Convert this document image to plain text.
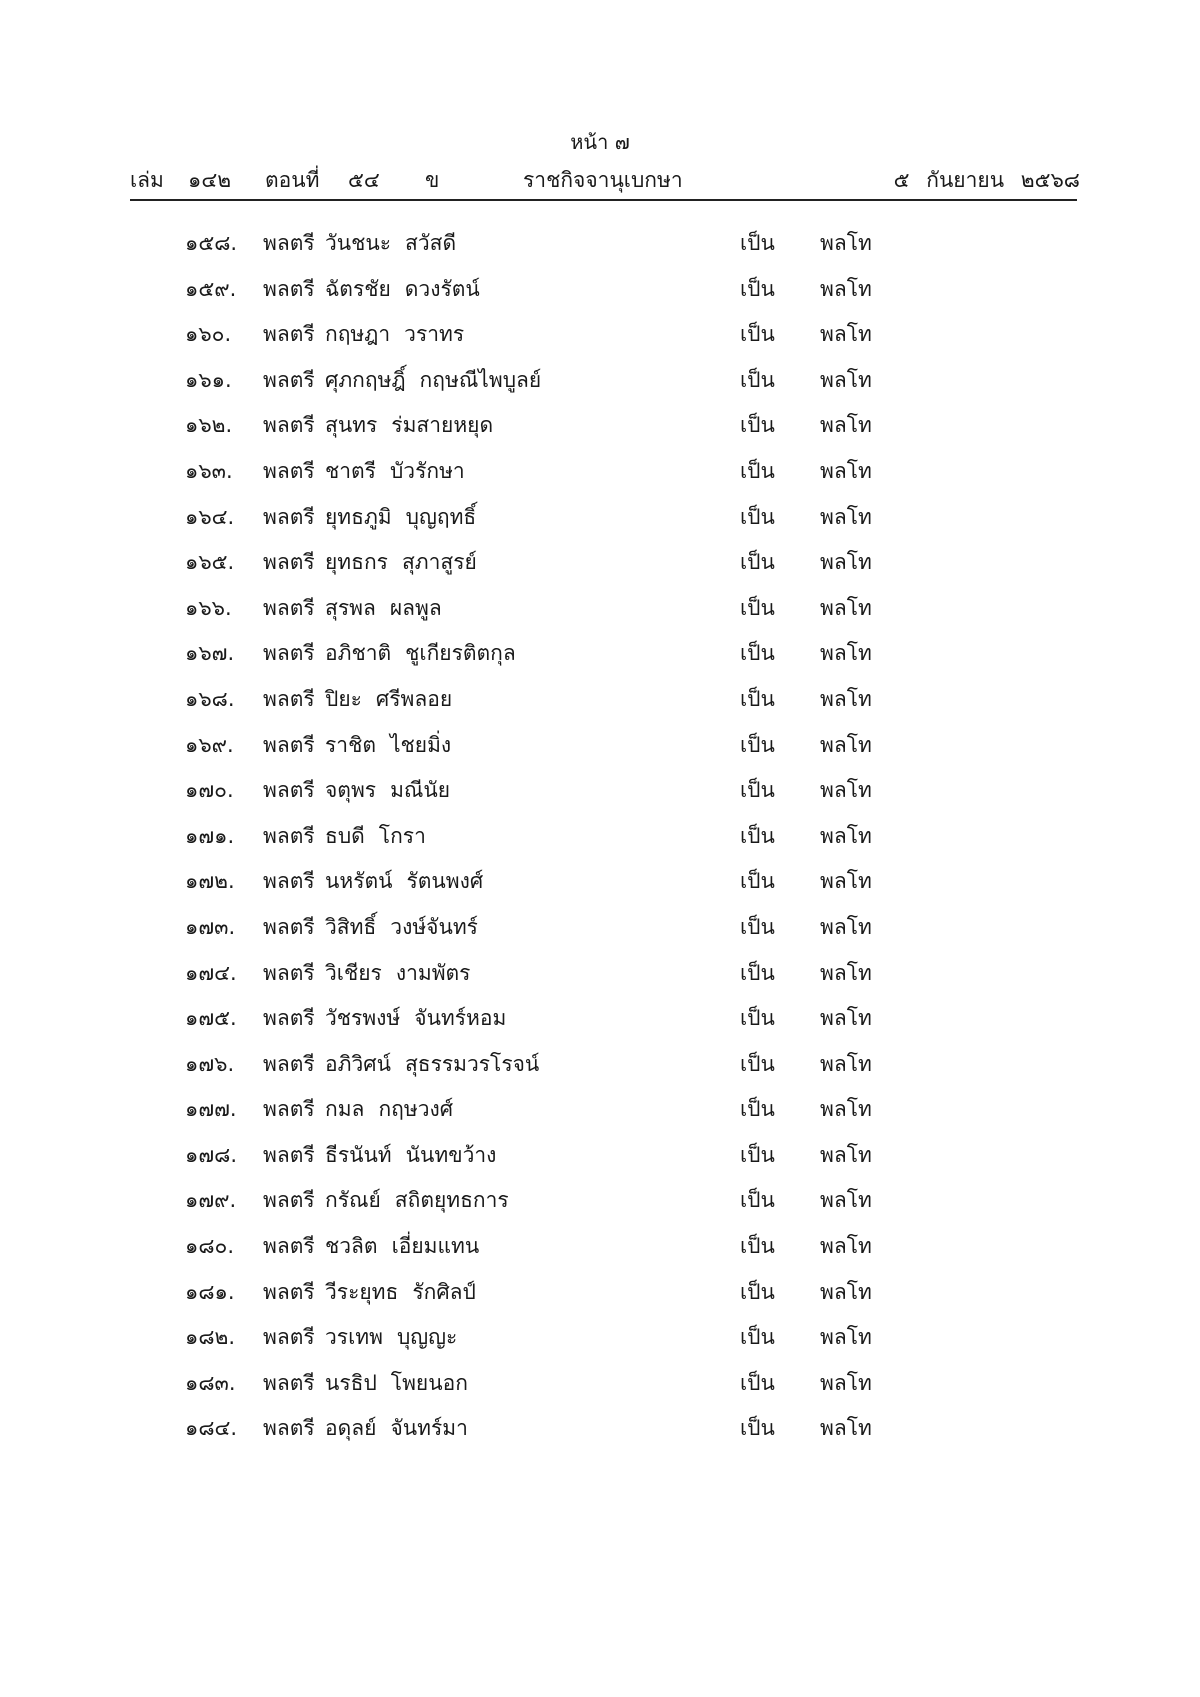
หน้า ๗
เล่ม ๑๔๒ ตอนที่ ๕๔ ข	ราชกิจจานุเบกษา	๕ กันยายน ๒๕๖๘
๑๕๘.	พลตรี วันชนะ สวัสดี	เป็น พลโท
๑๕๙.	พลตรี ฉัตรชัย ดวงรัตน์	เป็น พลโท
๑๖๐.	พลตรี กฤษฎา วราทร	เป็น พลโท
๑๖๑.	พลตรี ศุภกฤษฎิ์ กฤษณีไพบูลย์	เป็น พลโท
๑๖๒.	พลตรี สุนทร ร่มสายหยุด	เป็น พลโท
๑๖๓.	พลตรี ชาตรี บัวรักษา	เป็น พลโท
๑๖๔.	พลตรี ยุทธภูมิ บุญฤทธิ์	เป็น พลโท
๑๖๕.	พลตรี ยุทธกร สุภาสูรย์	เป็น พลโท
๑๖๖.	พลตรี สุรพล ผลพูล	เป็น พลโท
๑๖๗.	พลตรี อภิชาติ ชูเกียรติตกุล	เป็น พลโท
๑๖๘.	พลตรี ปิยะ ศรีพลอย	เป็น พลโท
๑๖๙.	พลตรี ราชิต ไชยมิ่ง	เป็น พลโท
๑๗๐.	พลตรี จตุพร มณีนัย	เป็น พลโท
๑๗๑.	พลตรี ธบดี โกรา	เป็น พลโท
๑๗๒.	พลตรี นหรัตน์ รัตนพงศ์	เป็น พลโท
๑๗๓.	พลตรี วิสิทธิ์ วงษ์จันทร์	เป็น พลโท
๑๗๔.	พลตรี วิเชียร งามพัตร	เป็น พลโท
๑๗๕.	พลตรี วัชรพงษ์ จันทร์หอม	เป็น พลโท
๑๗๖.	พลตรี อภิวิศน์ สุธรรมวรโรจน์	เป็น พลโท
๑๗๗.	พลตรี กมล กฤษวงศ์	เป็น พลโท
๑๗๘.	พลตรี ธีรนันท์ นันทขว้าง	เป็น พลโท
๑๗๙.	พลตรี กรัณย์ สถิตยุทธการ	เป็น พลโท
๑๘๐.	พลตรี ชวลิต เอี่ยมแทน	เป็น พลโท
๑๘๑.	พลตรี วีระยุทธ รักศิลป์	เป็น พลโท
๑๘๒.	พลตรี วรเทพ บุญญะ	เป็น พลโท
๑๘๓.	พลตรี นรธิป โพยนอก	เป็น พลโท
๑๘๔.	พลตรี อดุลย์ จันทร์มา	เป็น พลโท
